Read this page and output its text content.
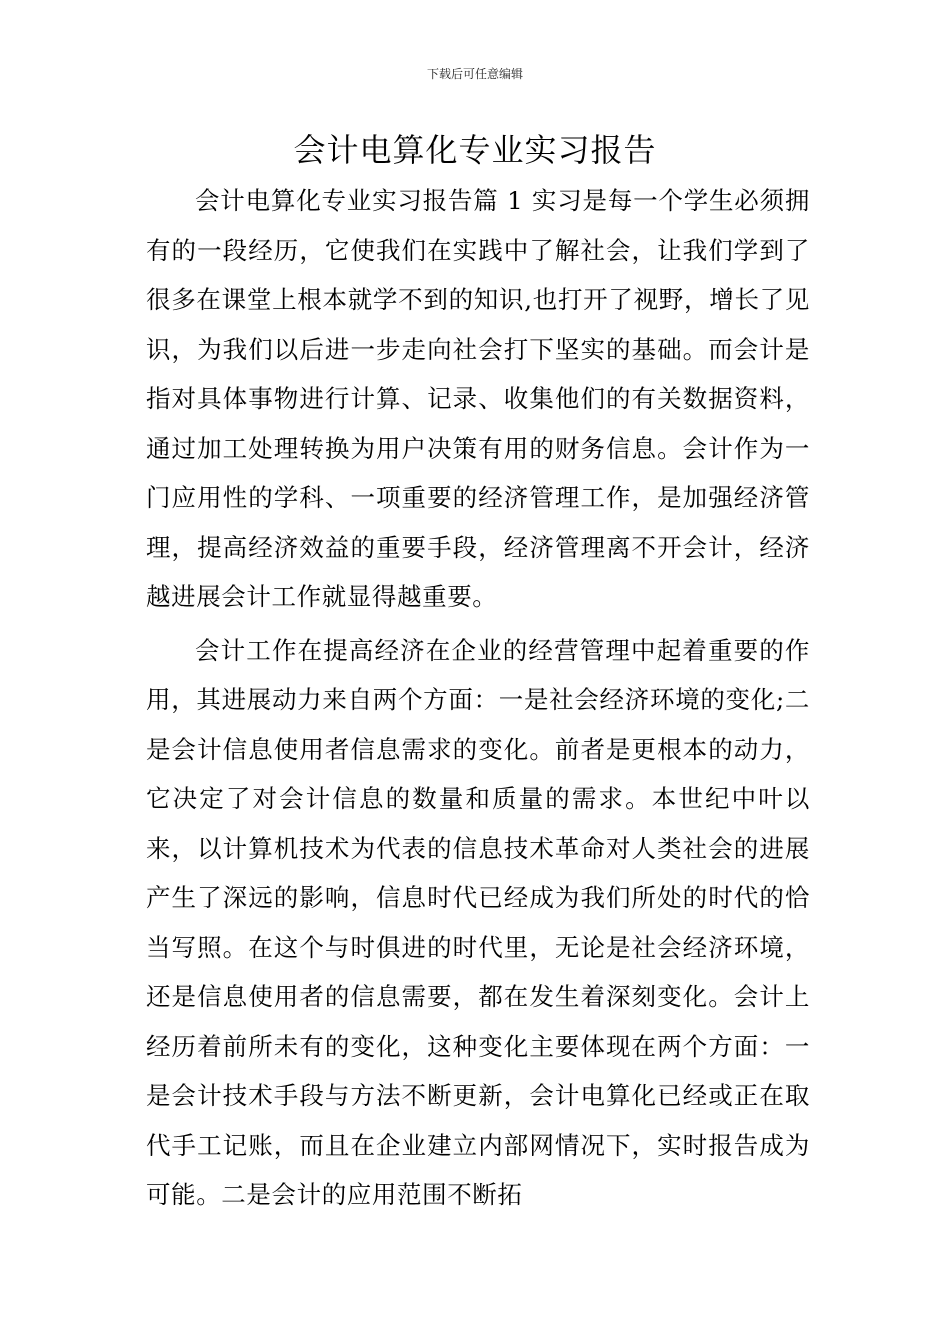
下载后可任意编辑
会计电算化专业实习报告

会计电算化专业实习报告篇 1 实习是每一个学生必须拥有的一段经历，它使我们在实践中了解社会，让我们学到了很多在课堂上根本就学不到的知识,也打开了视野，增长了见识，为我们以后进一步走向社会打下坚实的基础。而会计是指对具体事物进行计算、记录、收集他们的有关数据资料，通过加工处理转换为用户决策有用的财务信息。会计作为一门应用性的学科、一项重要的经济管理工作，是加强经济管理，提高经济效益的重要手段，经济管理离不开会计，经济越进展会计工作就显得越重要。

会计工作在提高经济在企业的经营管理中起着重要的作用，其进展动力来自两个方面：一是社会经济环境的变化;二是会计信息使用者信息需求的变化。前者是更根本的动力，它决定了对会计信息的数量和质量的需求。本世纪中叶以来，以计算机技术为代表的信息技术革命对人类社会的进展产生了深远的影响，信息时代已经成为我们所处的时代的恰当写照。在这个与时俱进的时代里，无论是社会经济环境，还是信息使用者的信息需要，都在发生着深刻变化。会计上经历着前所未有的变化，这种变化主要体现在两个方面：一是会计技术手段与方法不断更新，会计电算化已经或正在取代手工记账，而且在企业建立内部网情况下，实时报告成为可能。二是会计的应用范围不断拓
